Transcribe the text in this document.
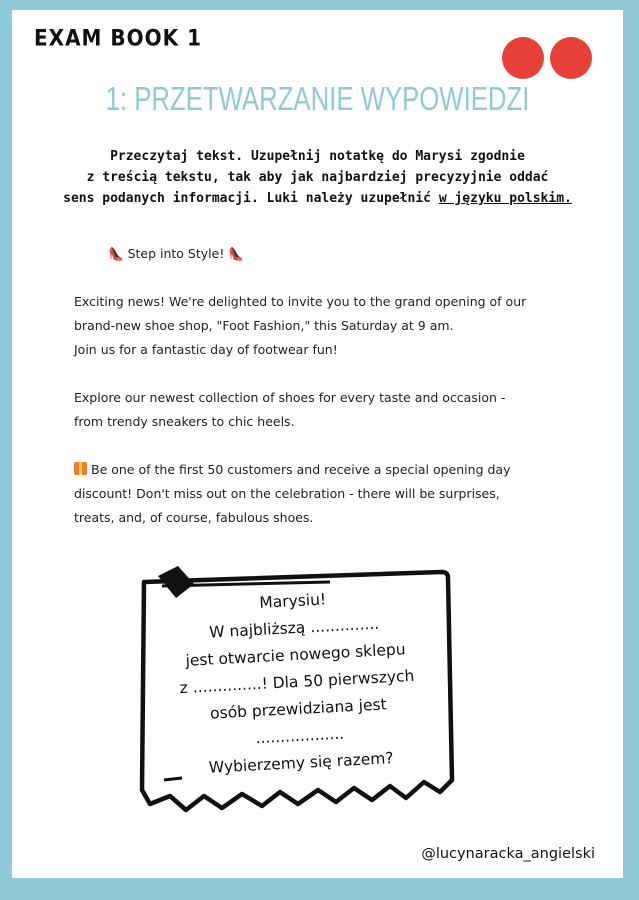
EXAM BOOK 1
1: PRZETWARZANIE WYPOWIEDZI
Przeczytaj tekst. Uzupełnij notatkę do Marysi zgodnie
z treścią tekstu, tak aby jak najbardziej precyzyjnie oddać
sens podanych informacji. Luki należy uzupełnić w języku polskim.
👠 Step into Style! 👠
Exciting news! We're delighted to invite you to the grand opening of our
brand-new shoe shop, "Foot Fashion," this Saturday at 9 am.
Join us for a fantastic day of footwear fun!
Explore our newest collection of shoes for every taste and occasion -
from trendy sneakers to chic heels.
Be one of the first 50 customers and receive a special opening day
discount! Don't miss out on the celebration - there will be surprises,
treats, and, of course, fabulous shoes.
Marysiu!
W najbliższą ..............
jest otwarcie nowego sklepu
z ..............! Dla 50 pierwszych
osób przewidziana jest
..................
Wybierzemy się razem?
@lucynaracka_angielski
